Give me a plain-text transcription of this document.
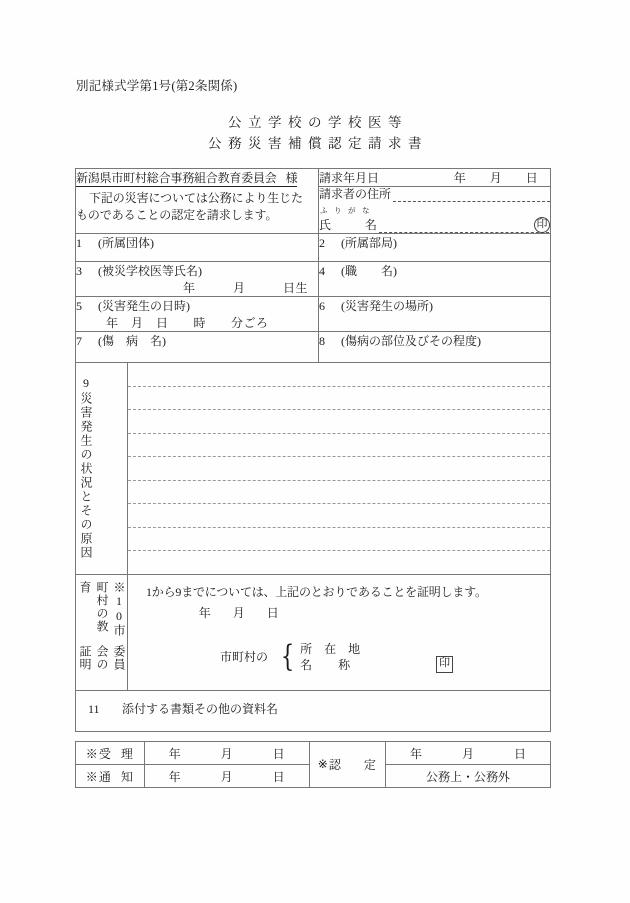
別記様式学第1号(第2条関係)
公立学校の学校医等
公務災害補償認定請求書
新潟県市町村総合事務組合教育委員会 様
下記の災害については公務により生じた
ものであることの認定を請求します。

請求年月日	年 月 日

		請求者の住所
ふりがな
氏 名 印

1 (所属団体)		2 (所属部局)

3 (被災学校医等氏名)
年　　　月　　　日生		4 (職　　名)

5 (災害発生の日時)
年　月　日　　時　　分ごろ		6 (災害発生の場所)

7 (傷　病　名)		8 (傷病の部位及びその程度)

9
災害発生の状況とその原因		

※10市町村の教育
委員会の証明

1から9までについては、上記のとおりであることを証明します。
年 月 日
市町村の { 所　在　地
名 称	印

11 添付する書類その他の資料名		
※受 理	年 月 日	※認 定	年 月 日
※通 知	年 月 日		公務上・公務外
